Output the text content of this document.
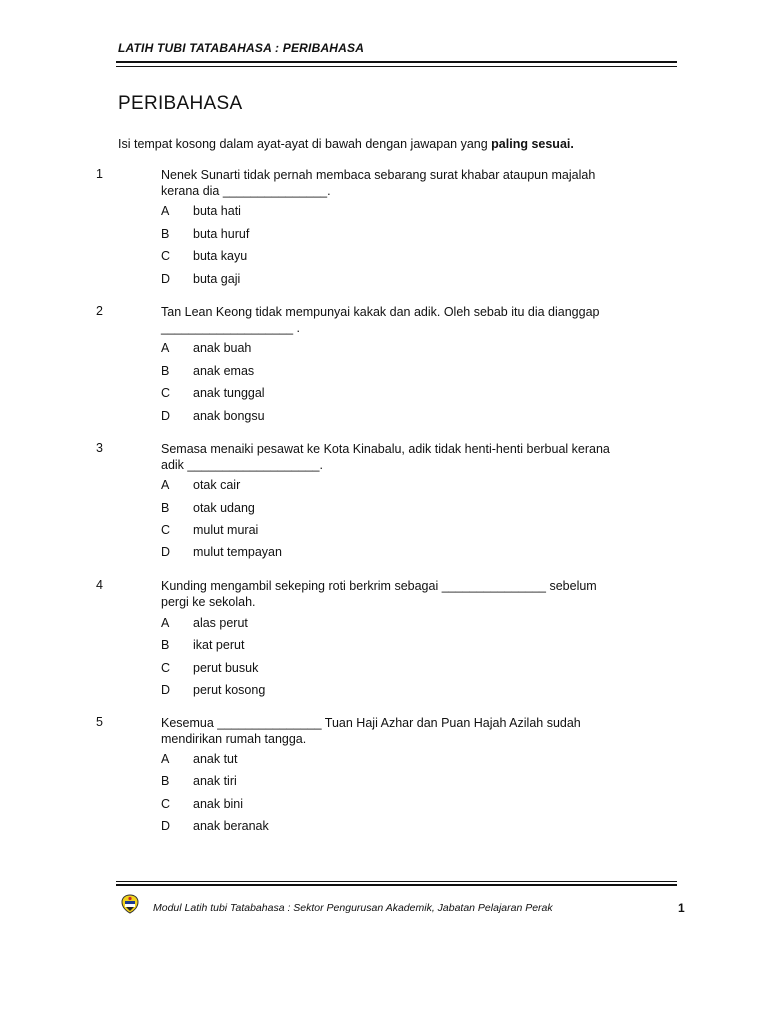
LATIH TUBI TATABAHASA : PERIBAHASA
PERIBAHASA
Isi tempat kosong dalam ayat-ayat di bawah dengan jawapan yang paling sesuai.
1	Nenek Sunarti tidak pernah membaca sebarang surat khabar ataupun majalah kerana dia _______________.
A buta hati
B buta huruf
C buta kayu
D buta gaji
2	Tan Lean Keong tidak mempunyai kakak dan adik. Oleh sebab itu dia dianggap ___________________ .
A anak buah
B anak emas
C anak tunggal
D anak bongsu
3	Semasa menaiki pesawat ke Kota Kinabalu, adik tidak henti-henti berbual kerana adik ___________________.
A otak cair
B otak udang
C mulut murai
D mulut tempayan
4	Kunding mengambil sekeping roti berkrim sebagai _______________ sebelum pergi ke sekolah.
A alas perut
B ikat perut
C perut busuk
D perut kosong
5	Kesemua _______________ Tuan Haji Azhar dan Puan Hajah Azilah sudah mendirikan rumah tangga.
A anak tut
B anak tiri
C anak bini
D anak beranak
Modul Latih tubi Tatabahasa : Sektor Pengurusan Akademik, Jabatan Pelajaran Perak	1
